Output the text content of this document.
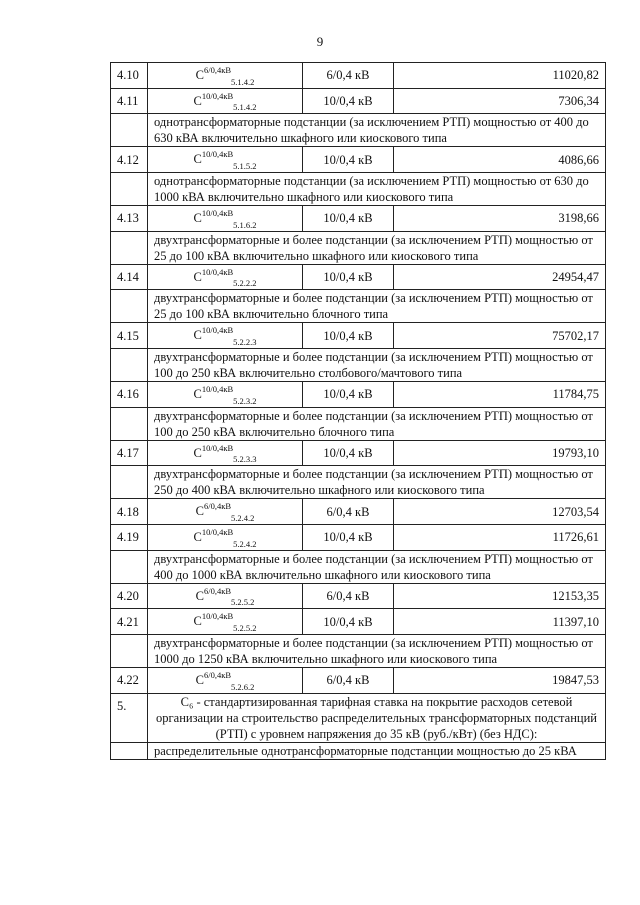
9
4.10	$C^{6/0,4кВ}_{5.1.4.2}$	6/0,4 кВ	11020,82
4.11	$C^{10/0,4кВ}_{5.1.4.2}$	10/0,4 кВ	7306,34
	однотрансформаторные подстанции (за исключением РТП) мощностью от 400 до 630 кВА включительно шкафного или киоскового типа		
4.12	$C^{10/0,4кВ}_{5.1.5.2}$	10/0,4 кВ	4086,66
	однотрансформаторные подстанции (за исключением РТП) мощностью от 630 до 1000 кВА включительно шкафного или киоскового типа		
4.13	$C^{10/0,4кВ}_{5.1.6.2}$	10/0,4 кВ	3198,66
	двухтрансформаторные и более подстанции (за исключением РТП) мощностью от 25 до 100 кВА включительно шкафного или киоскового типа		
4.14	$C^{10/0,4кВ}_{5.2.2.2}$	10/0,4 кВ	24954,47
	двухтрансформаторные и более подстанции (за исключением РТП) мощностью от 25 до 100 кВА включительно блочного типа		
4.15	$C^{10/0,4кВ}_{5.2.2.3}$	10/0,4 кВ	75702,17
	двухтрансформаторные и более подстанции (за исключением РТП) мощностью от 100 до 250 кВА включительно столбового/мачтового типа		
4.16	$C^{10/0,4кВ}_{5.2.3.2}$	10/0,4 кВ	11784,75
	двухтрансформаторные и более подстанции (за исключением РТП) мощностью от 100 до 250 кВА включительно блочного типа		
4.17	$C^{10/0,4кВ}_{5.2.3.3}$	10/0,4 кВ	19793,10
	двухтрансформаторные и более подстанции (за исключением РТП) мощностью от 250 до 400 кВА включительно шкафного или киоскового типа		
4.18	$C^{6/0,4кВ}_{5.2.4.2}$	6/0,4 кВ	12703,54
4.19	$C^{10/0,4кВ}_{5.2.4.2}$	10/0,4 кВ	11726,61
	двухтрансформаторные и более подстанции (за исключением РТП) мощностью от 400 до 1000 кВА включительно шкафного или киоскового типа		
4.20	$C^{6/0,4кВ}_{5.2.5.2}$	6/0,4 кВ	12153,35
4.21	$C^{10/0,4кВ}_{5.2.5.2}$	10/0,4 кВ	11397,10
	двухтрансформаторные и более подстанции (за исключением РТП) мощностью от 1000 до 1250 кВА включительно шкафного или киоскового типа		
4.22	$C^{6/0,4кВ}_{5.2.6.2}$	6/0,4 кВ	19847,53
5.	C₆ - стандартизированная тарифная ставка на покрытие расходов сетевой организации на строительство распределительных трансформаторных подстанций (РТП) с уровнем напряжения до 35 кВ (руб./кВт) (без НДС):		
	распределительные однотрансформаторные подстанции мощностью до 25 кВА		
